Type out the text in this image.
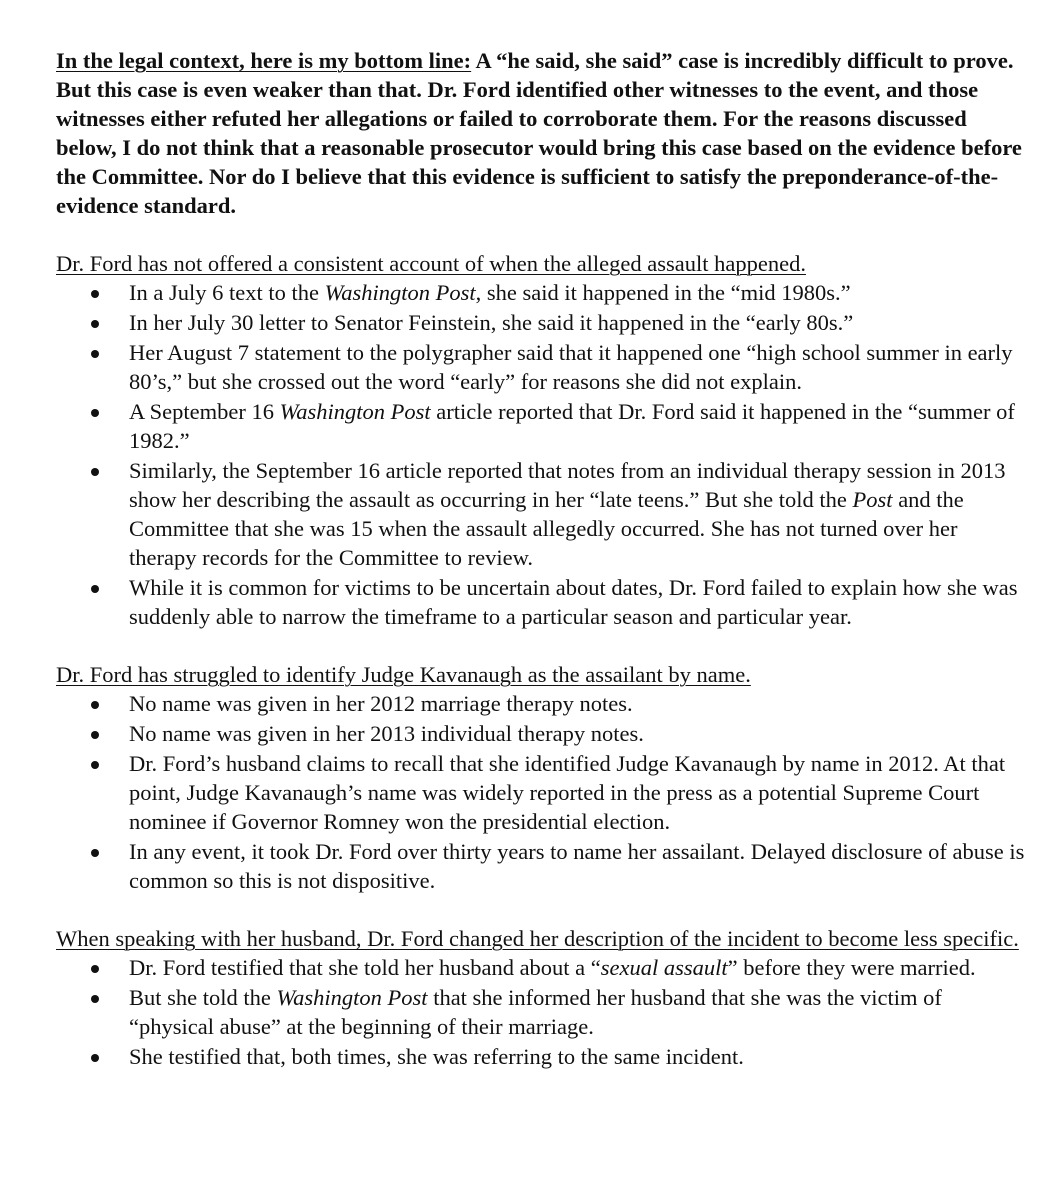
In the legal context, here is my bottom line: A “he said, she said” case is incredibly difficult to prove. But this case is even weaker than that. Dr. Ford identified other witnesses to the event, and those witnesses either refuted her allegations or failed to corroborate them. For the reasons discussed below, I do not think that a reasonable prosecutor would bring this case based on the evidence before the Committee. Nor do I believe that this evidence is sufficient to satisfy the preponderance-of-the-evidence standard.

Dr. Ford has not offered a consistent account of when the alleged assault happened.

In a July 6 text to the Washington Post, she said it happened in the “mid 1980s.”
In her July 30 letter to Senator Feinstein, she said it happened in the “early 80s.”
Her August 7 statement to the polygrapher said that it happened one “high school summer in early 80’s,” but she crossed out the word “early” for reasons she did not explain.
A September 16 Washington Post article reported that Dr. Ford said it happened in the “summer of 1982.”
Similarly, the September 16 article reported that notes from an individual therapy session in 2013 show her describing the assault as occurring in her “late teens.” But she told the Post and the Committee that she was 15 when the assault allegedly occurred. She has not turned over her therapy records for the Committee to review.
While it is common for victims to be uncertain about dates, Dr. Ford failed to explain how she was suddenly able to narrow the timeframe to a particular season and particular year.

Dr. Ford has struggled to identify Judge Kavanaugh as the assailant by name.

No name was given in her 2012 marriage therapy notes.
No name was given in her 2013 individual therapy notes.
Dr. Ford’s husband claims to recall that she identified Judge Kavanaugh by name in 2012. At that point, Judge Kavanaugh’s name was widely reported in the press as a potential Supreme Court nominee if Governor Romney won the presidential election.
In any event, it took Dr. Ford over thirty years to name her assailant. Delayed disclosure of abuse is common so this is not dispositive.

When speaking with her husband, Dr. Ford changed her description of the incident to become less specific.

Dr. Ford testified that she told her husband about a “sexual assault” before they were married.
But she told the Washington Post that she informed her husband that she was the victim of “physical abuse” at the beginning of their marriage.
She testified that, both times, she was referring to the same incident.
